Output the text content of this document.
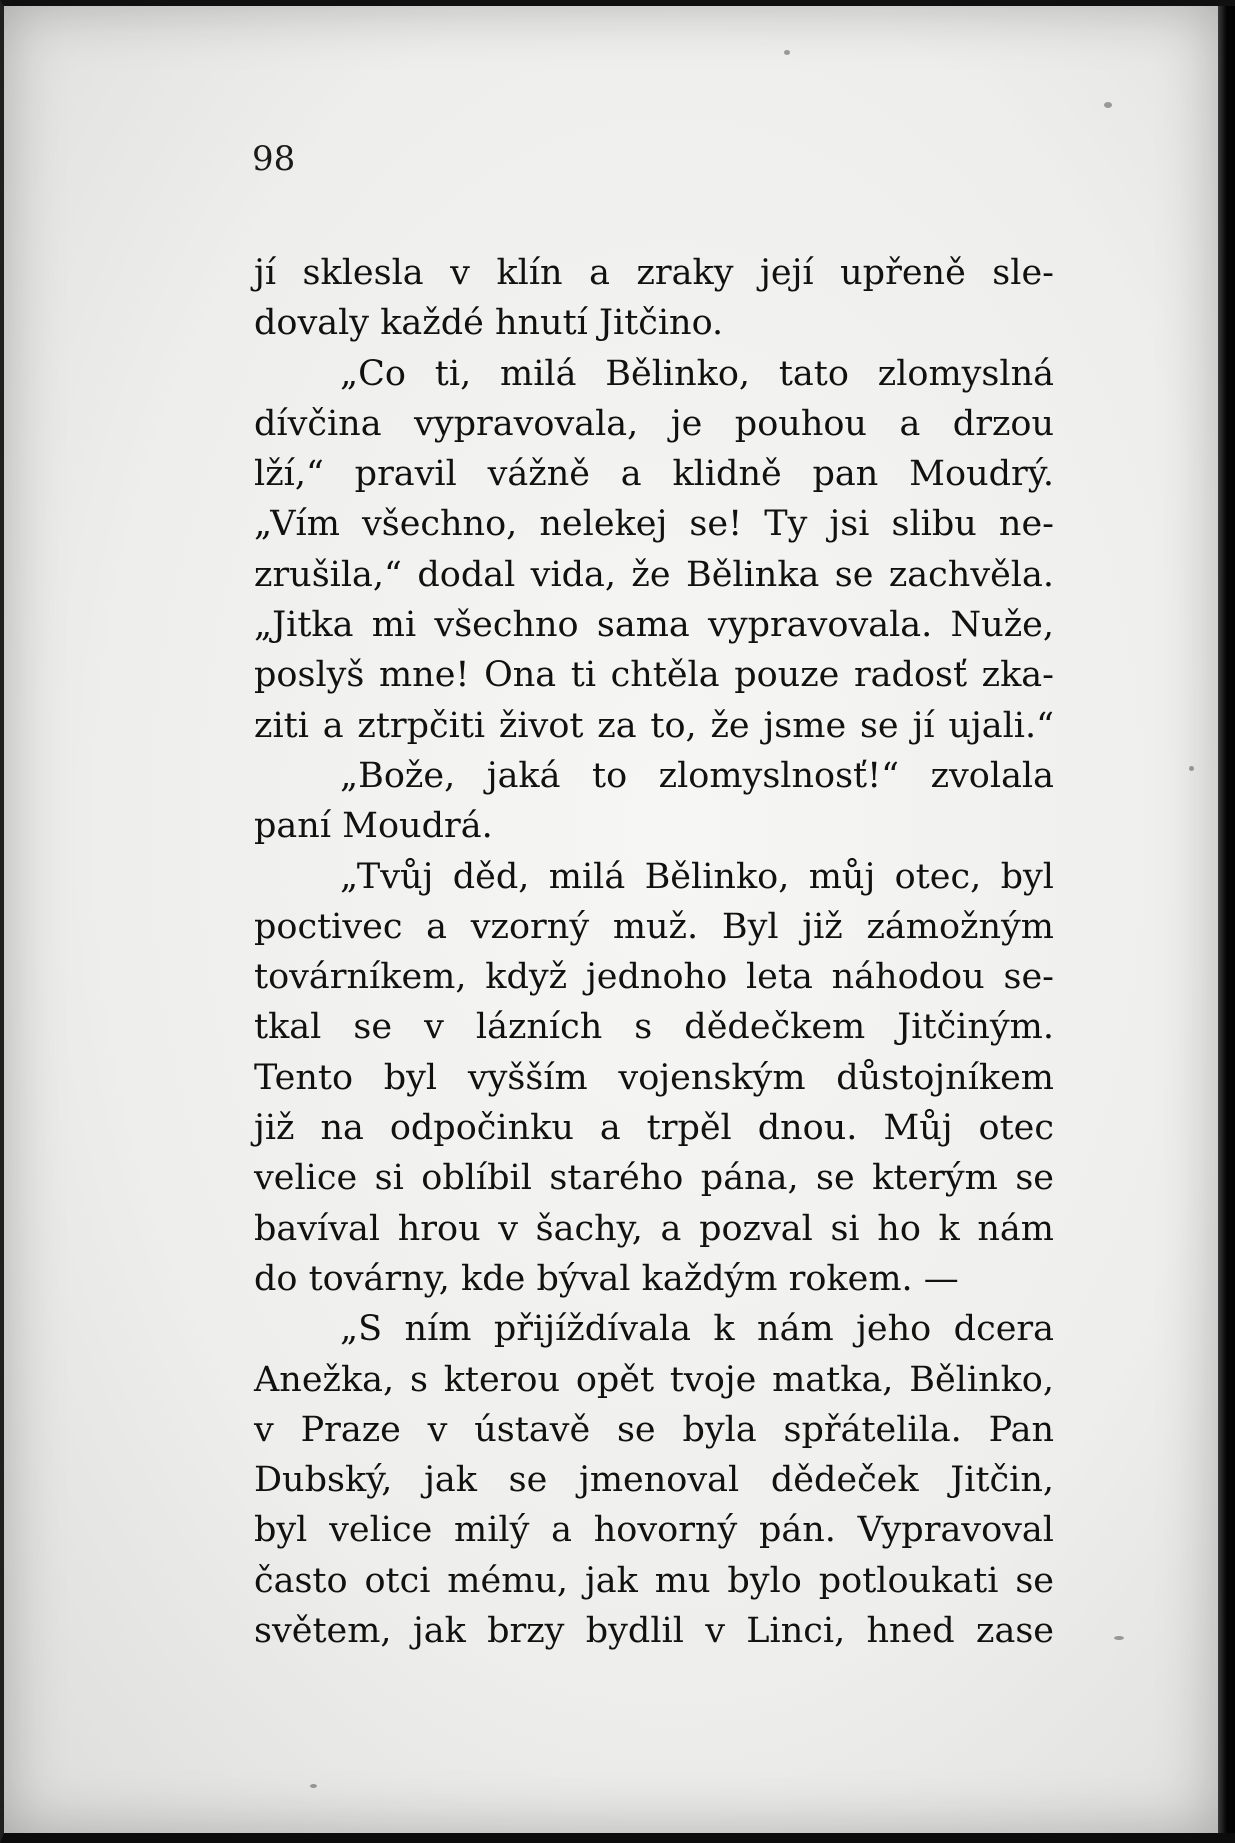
98
jí sklesla v klín a zraky její upřeně sle-
dovaly každé hnutí Jitčino.
„Co ti, milá Bělinko, tato zlomyslná
dívčina vypravovala, je pouhou a drzou
lží,“ pravil vážně a klidně pan Moudrý.
„Vím všechno, nelekej se! Ty jsi slibu ne-
zrušila,“ dodal vida, že Bělinka se zachvěla.
„Jitka mi všechno sama vypravovala. Nuže,
poslyš mne! Ona ti chtěla pouze radosť zka-
ziti a ztrpčiti život za to, že jsme se jí ujali.“
„Bože, jaká to zlomyslnosť!“ zvolala
paní Moudrá.
„Tvůj děd, milá Bělinko, můj otec, byl
poctivec a vzorný muž. Byl již zámožným
továrníkem, když jednoho leta náhodou se-
tkal se v lázních s dědečkem Jitčiným.
Tento byl vyšším vojenským důstojníkem
již na odpočinku a trpěl dnou. Můj otec
velice si oblíbil starého pána, se kterým se
bavíval hrou v šachy, a pozval si ho k nám
do továrny, kde býval každým rokem. —
„S ním přijíždívala k nám jeho dcera
Anežka, s kterou opět tvoje matka, Bělinko,
v Praze v ústavě se byla spřátelila. Pan
Dubský, jak se jmenoval dědeček Jitčin,
byl velice milý a hovorný pán. Vypravoval
často otci mému, jak mu bylo potloukati se
světem, jak brzy bydlil v Linci, hned zase
